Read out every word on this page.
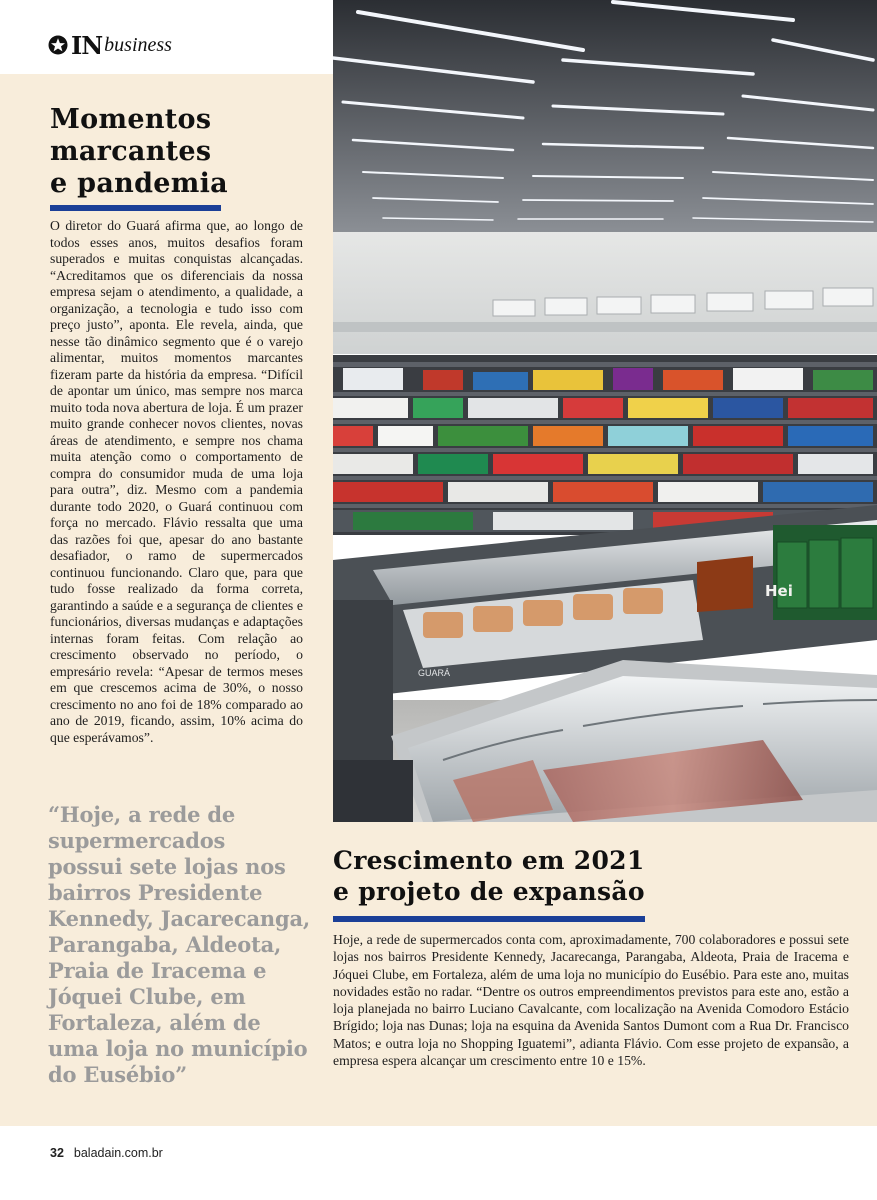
IN business
Momentos
marcantes
e pandemia

O diretor do Guará afirma que, ao longo de todos esses anos, muitos desafios foram superados e muitas conquistas alcançadas. “Acreditamos que os diferenciais da nossa empresa sejam o atendimento, a qualidade, a organização, a tecnologia e tudo isso com preço justo”, aponta. Ele revela, ainda, que nesse tão dinâmico segmento que é o varejo alimentar, muitos momentos marcantes fizeram parte da história da empresa. “Difícil de apontar um único, mas sempre nos marca muito toda nova abertura de loja. É um prazer muito grande conhecer novos clientes, novas áreas de atendimento, e sempre nos chama muita atenção como o comportamento de compra do consumidor muda de uma loja para outra”, diz. Mesmo com a pandemia durante todo 2020, o Guará continuou com força no mercado. Flávio ressalta que uma das razões foi que, apesar do ano bastante desafiador, o ramo de supermercados continuou funcionando. Claro que, para que tudo fosse realizado da forma correta, garantindo a saúde e a segurança de clientes e funcionários, diversas mudanças e adaptações internas foram feitas. Com relação ao crescimento observado no período, o empresário revela: “Apesar de termos meses em que crescemos acima de 30%, o nosso crescimento no ano foi de 18% comparado ao ano de 2019, ficando, assim, 10% acima do que esperávamos”.

“Hoje, a rede de
supermercados
possui sete lojas nos
bairros Presidente
Kennedy, Jacarecanga,
Parangaba, Aldeota,
Praia de Iracema e
Jóquei Clube, em
Fortaleza, além de
uma loja no município
do Eusébio”
GUARÁ
Hei
Crescimento em 2021
e projeto de expansão

Hoje, a rede de supermercados conta com, aproximadamente, 700 colaboradores e possui sete lojas nos bairros Presidente Kennedy, Jacarecanga, Parangaba, Aldeota, Praia de Iracema e Jóquei Clube, em Fortaleza, além de uma loja no município do Eusébio. Para este ano, muitas novidades estão no radar. “Dentre os outros empreendimentos previstos para este ano, estão a loja planejada no bairro Luciano Cavalcante, com localização na Avenida Comodoro Estácio Brígido; loja nas Dunas; loja na esquina da Avenida Santos Dumont com a Rua Dr. Francisco Matos; e outra loja no Shopping Iguatemi”, adianta Flávio. Com esse projeto de expansão, a empresa espera alcançar um crescimento entre 10 e 15%.

32 baladain.com.br
